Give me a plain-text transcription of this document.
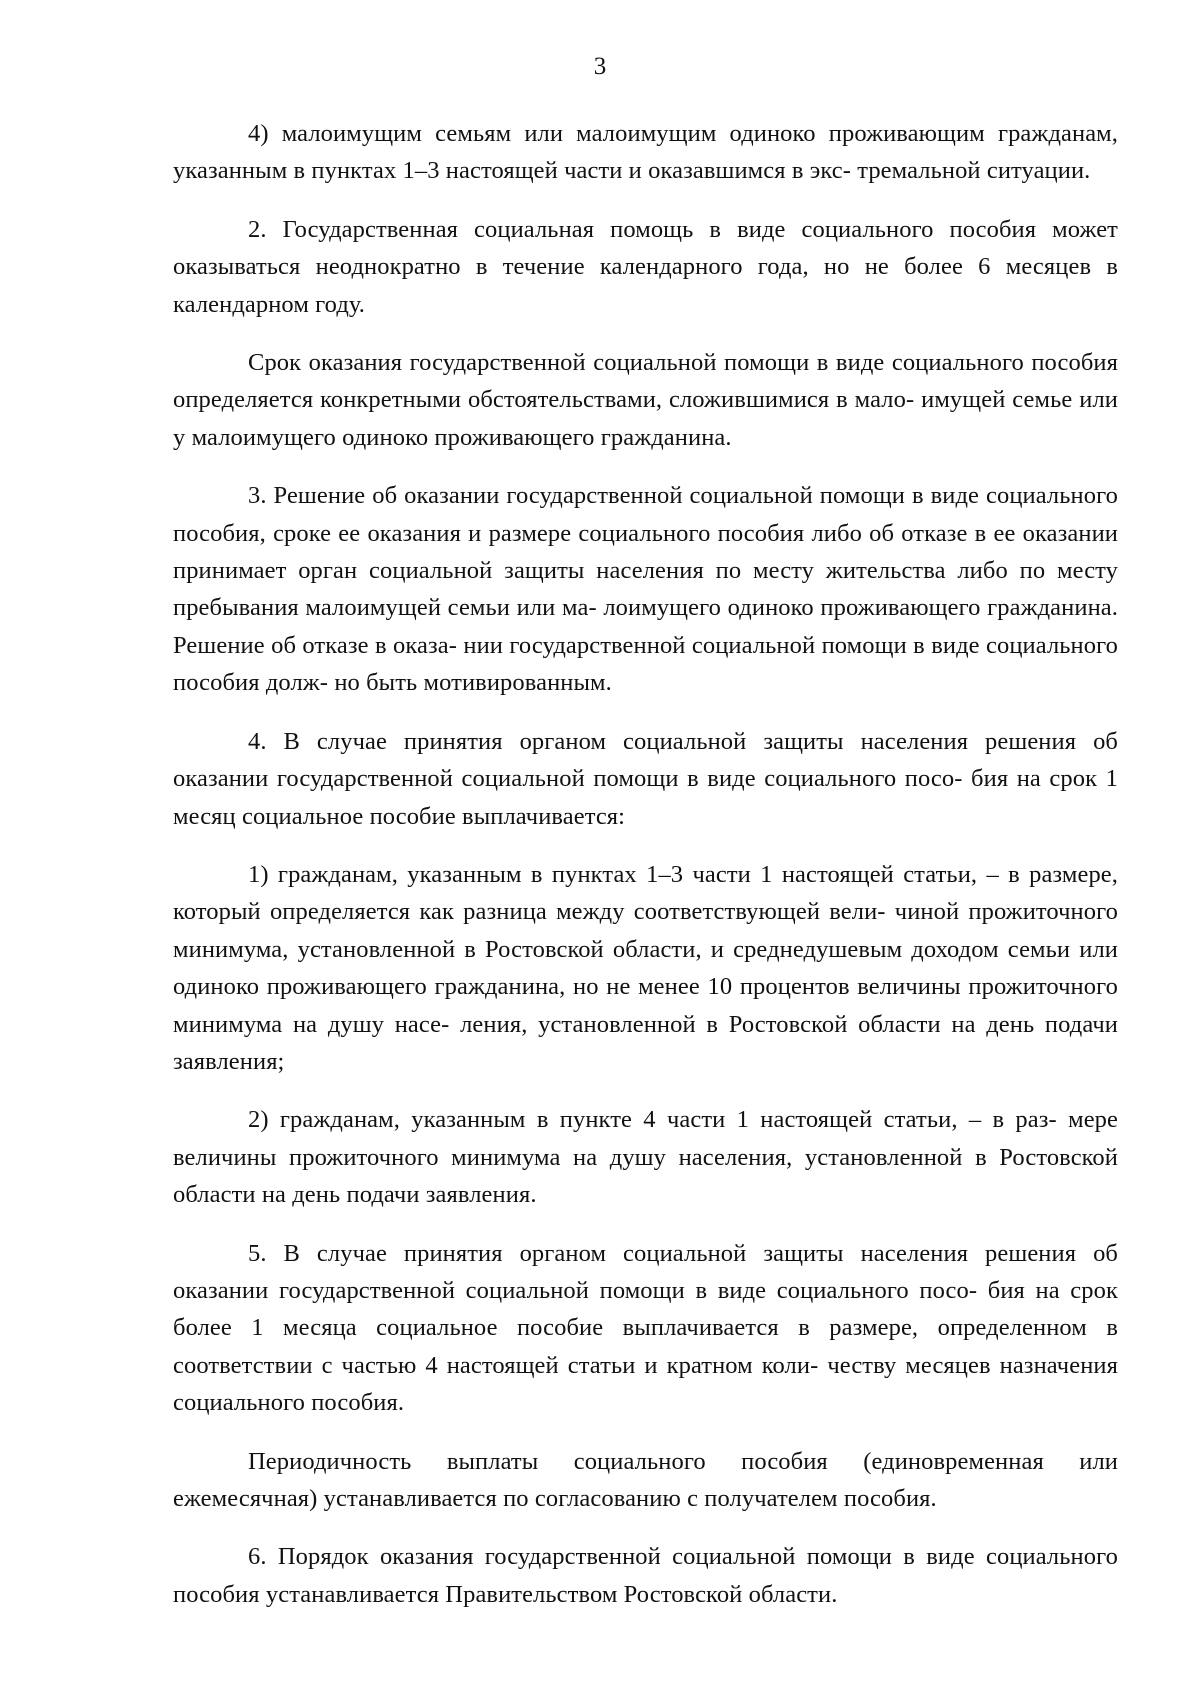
3

4) малоимущим семьям или малоимущим одиноко проживающим гражданам, указанным в пунктах 1–3 настоящей части и оказавшимся в экс- тремальной ситуации.

2. Государственная социальная помощь в виде социального пособия может оказываться неоднократно в течение календарного года, но не более 6 месяцев в календарном году.

Срок оказания государственной социальной помощи в виде социального пособия определяется конкретными обстоятельствами, сложившимися в мало- имущей семье или у малоимущего одиноко проживающего гражданина.

3. Решение об оказании государственной социальной помощи в виде социального пособия, сроке ее оказания и размере социального пособия либо об отказе в ее оказании принимает орган социальной защиты населения по месту жительства либо по месту пребывания малоимущей семьи или ма- лоимущего одиноко проживающего гражданина. Решение об отказе в оказа- нии государственной социальной помощи в виде социального пособия долж- но быть мотивированным.

4. В случае принятия органом социальной защиты населения решения об оказании государственной социальной помощи в виде социального посо- бия на срок 1 месяц социальное пособие выплачивается:

1) гражданам, указанным в пунктах 1–3 части 1 настоящей статьи, – в размере, который определяется как разница между соответствующей вели- чиной прожиточного минимума, установленной в Ростовской области, и среднедушевым доходом семьи или одиноко проживающего гражданина, но не менее 10 процентов величины прожиточного минимума на душу насе- ления, установленной в Ростовской области на день подачи заявления;

2) гражданам, указанным в пункте 4 части 1 настоящей статьи, – в раз- мере величины прожиточного минимума на душу населения, установленной в Ростовской области на день подачи заявления.

5. В случае принятия органом социальной защиты населения решения об оказании государственной социальной помощи в виде социального посо- бия на срок более 1 месяца социальное пособие выплачивается в размере, определенном в соответствии с частью 4 настоящей статьи и кратном коли- честву месяцев назначения социального пособия.

Периодичность выплаты социального пособия (единовременная или ежемесячная) устанавливается по согласованию с получателем пособия.

6. Порядок оказания государственной социальной помощи в виде социального пособия устанавливается Правительством Ростовской области.
